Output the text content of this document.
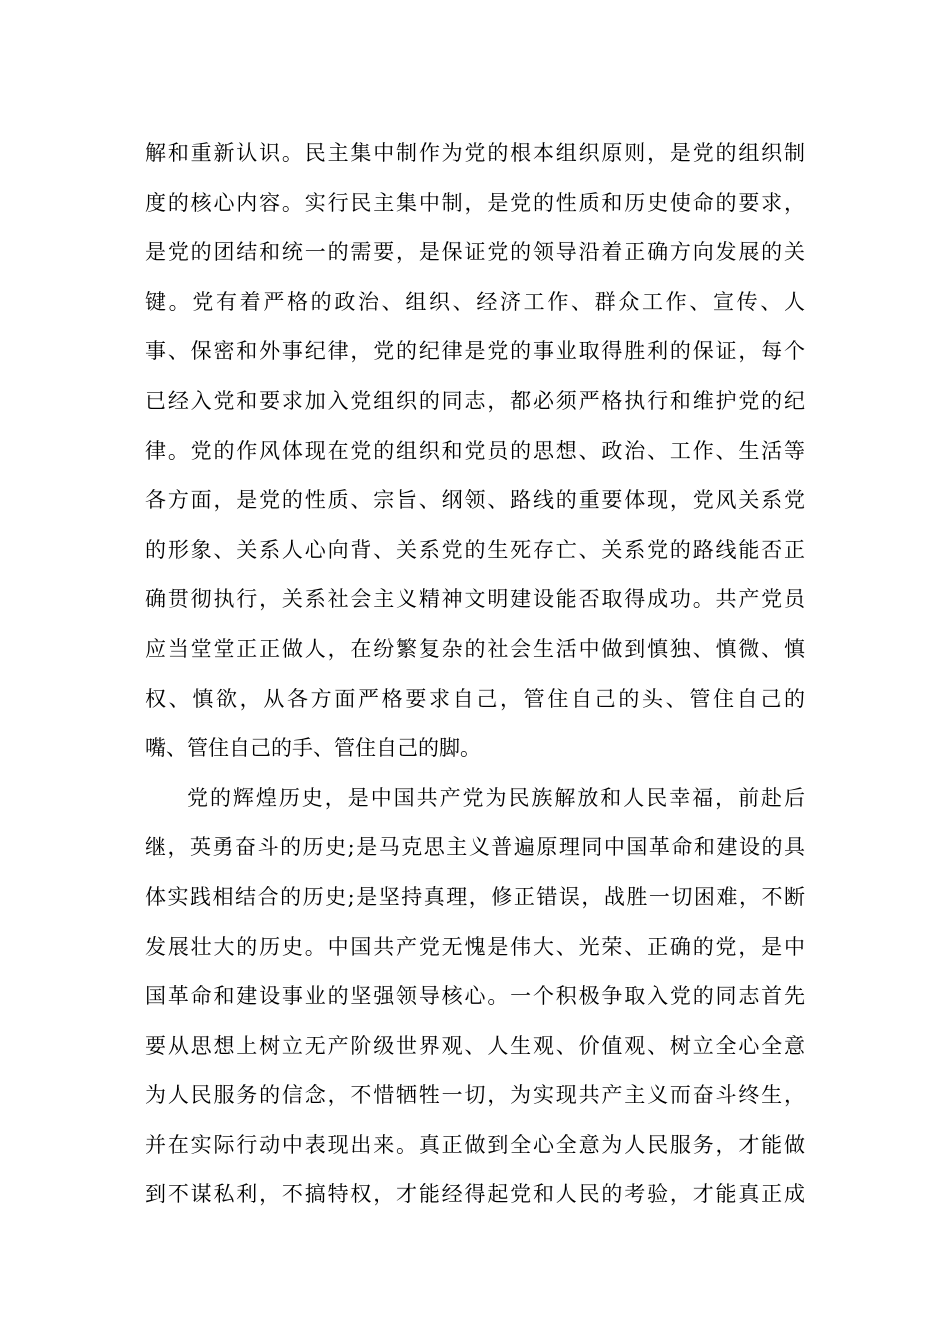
解和重新认识。民主集中制作为党的根本组织原则，是党的组织制
度的核心内容。实行民主集中制，是党的性质和历史使命的要求，
是党的团结和统一的需要，是保证党的领导沿着正确方向发展的关
键。党有着严格的政治、组织、经济工作、群众工作、宣传、人
事、保密和外事纪律，党的纪律是党的事业取得胜利的保证，每个
已经入党和要求加入党组织的同志，都必须严格执行和维护党的纪
律。党的作风体现在党的组织和党员的思想、政治、工作、生活等
各方面，是党的性质、宗旨、纲领、路线的重要体现，党风关系党
的形象、关系人心向背、关系党的生死存亡、关系党的路线能否正
确贯彻执行，关系社会主义精神文明建设能否取得成功。共产党员
应当堂堂正正做人，在纷繁复杂的社会生活中做到慎独、慎微、慎
权、慎欲，从各方面严格要求自己，管住自己的头、管住自己的
嘴、管住自己的手、管住自己的脚。
党的辉煌历史，是中国共产党为民族解放和人民幸福，前赴后
继，英勇奋斗的历史;是马克思主义普遍原理同中国革命和建设的具
体实践相结合的历史;是坚持真理，修正错误，战胜一切困难，不断
发展壮大的历史。中国共产党无愧是伟大、光荣、正确的党，是中
国革命和建设事业的坚强领导核心。一个积极争取入党的同志首先
要从思想上树立无产阶级世界观、人生观、价值观、树立全心全意
为人民服务的信念，不惜牺牲一切，为实现共产主义而奋斗终生，
并在实际行动中表现出来。真正做到全心全意为人民服务，才能做
到不谋私利，不搞特权，才能经得起党和人民的考验，才能真正成
